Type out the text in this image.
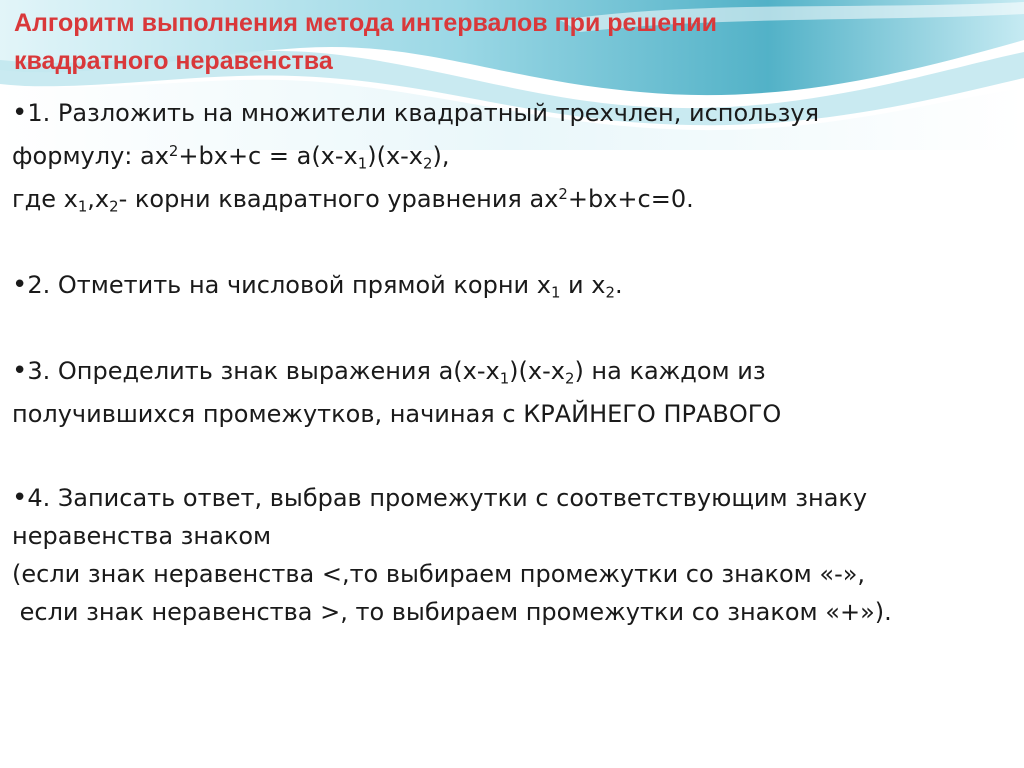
Алгоритм выполнения метода интервалов при решении
квадратного неравенства

•1. Разложить на множители квадратный трехчлен, используя

формулу: $ax^2+bx+c = a(x-x_1)(x-x_2)$,

где $x_1,x_2-$ корни квадратного уравнения $ax^2+bx+c=0$.

•2. Отметить на числовой прямой корни $x_1$ и $x_2$.

•3. Определить знак выражения $a(x-x_1)(x-x_2)$ на каждом из

получившихся промежутков, начиная с КРАЙНЕГО ПРАВОГО

•4. Записать ответ, выбрав промежутки с соответствующим знаку

неравенства знаком

(если знак неравенства <,то выбираем промежутки со знаком «-»,

если знак неравенства >, то выбираем промежутки со знаком «+»).
